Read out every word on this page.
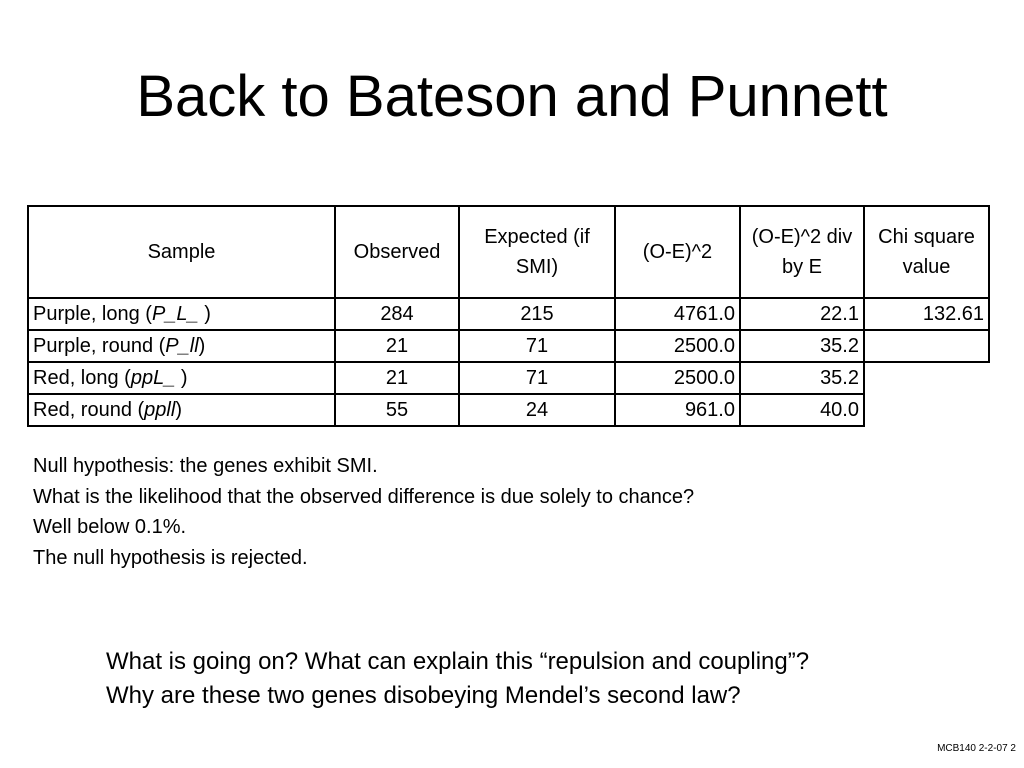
Back to Bateson and Punnett
Sample	Observed	Expected (if SMI)	(O-E)^2	(O-E)^2 div by E	Chi square value
Purple, long (P_L_ )	284	215	4761.0	22.1	132.61
Purple, round (P_ll)	21	71	2500.0	35.2	
Red, long (ppL_ )	21	71	2500.0	35.2	
Red, round (ppll)	55	24	961.0	40.0	

Null hypothesis: the genes exhibit SMI.

What is the likelihood that the observed difference is due solely to chance?

Well below 0.1%.

The null hypothesis is rejected.

What is going on? What can explain this “repulsion and coupling”?

Why are these two genes disobeying Mendel’s second law?

MCB140 2-2-07 2
